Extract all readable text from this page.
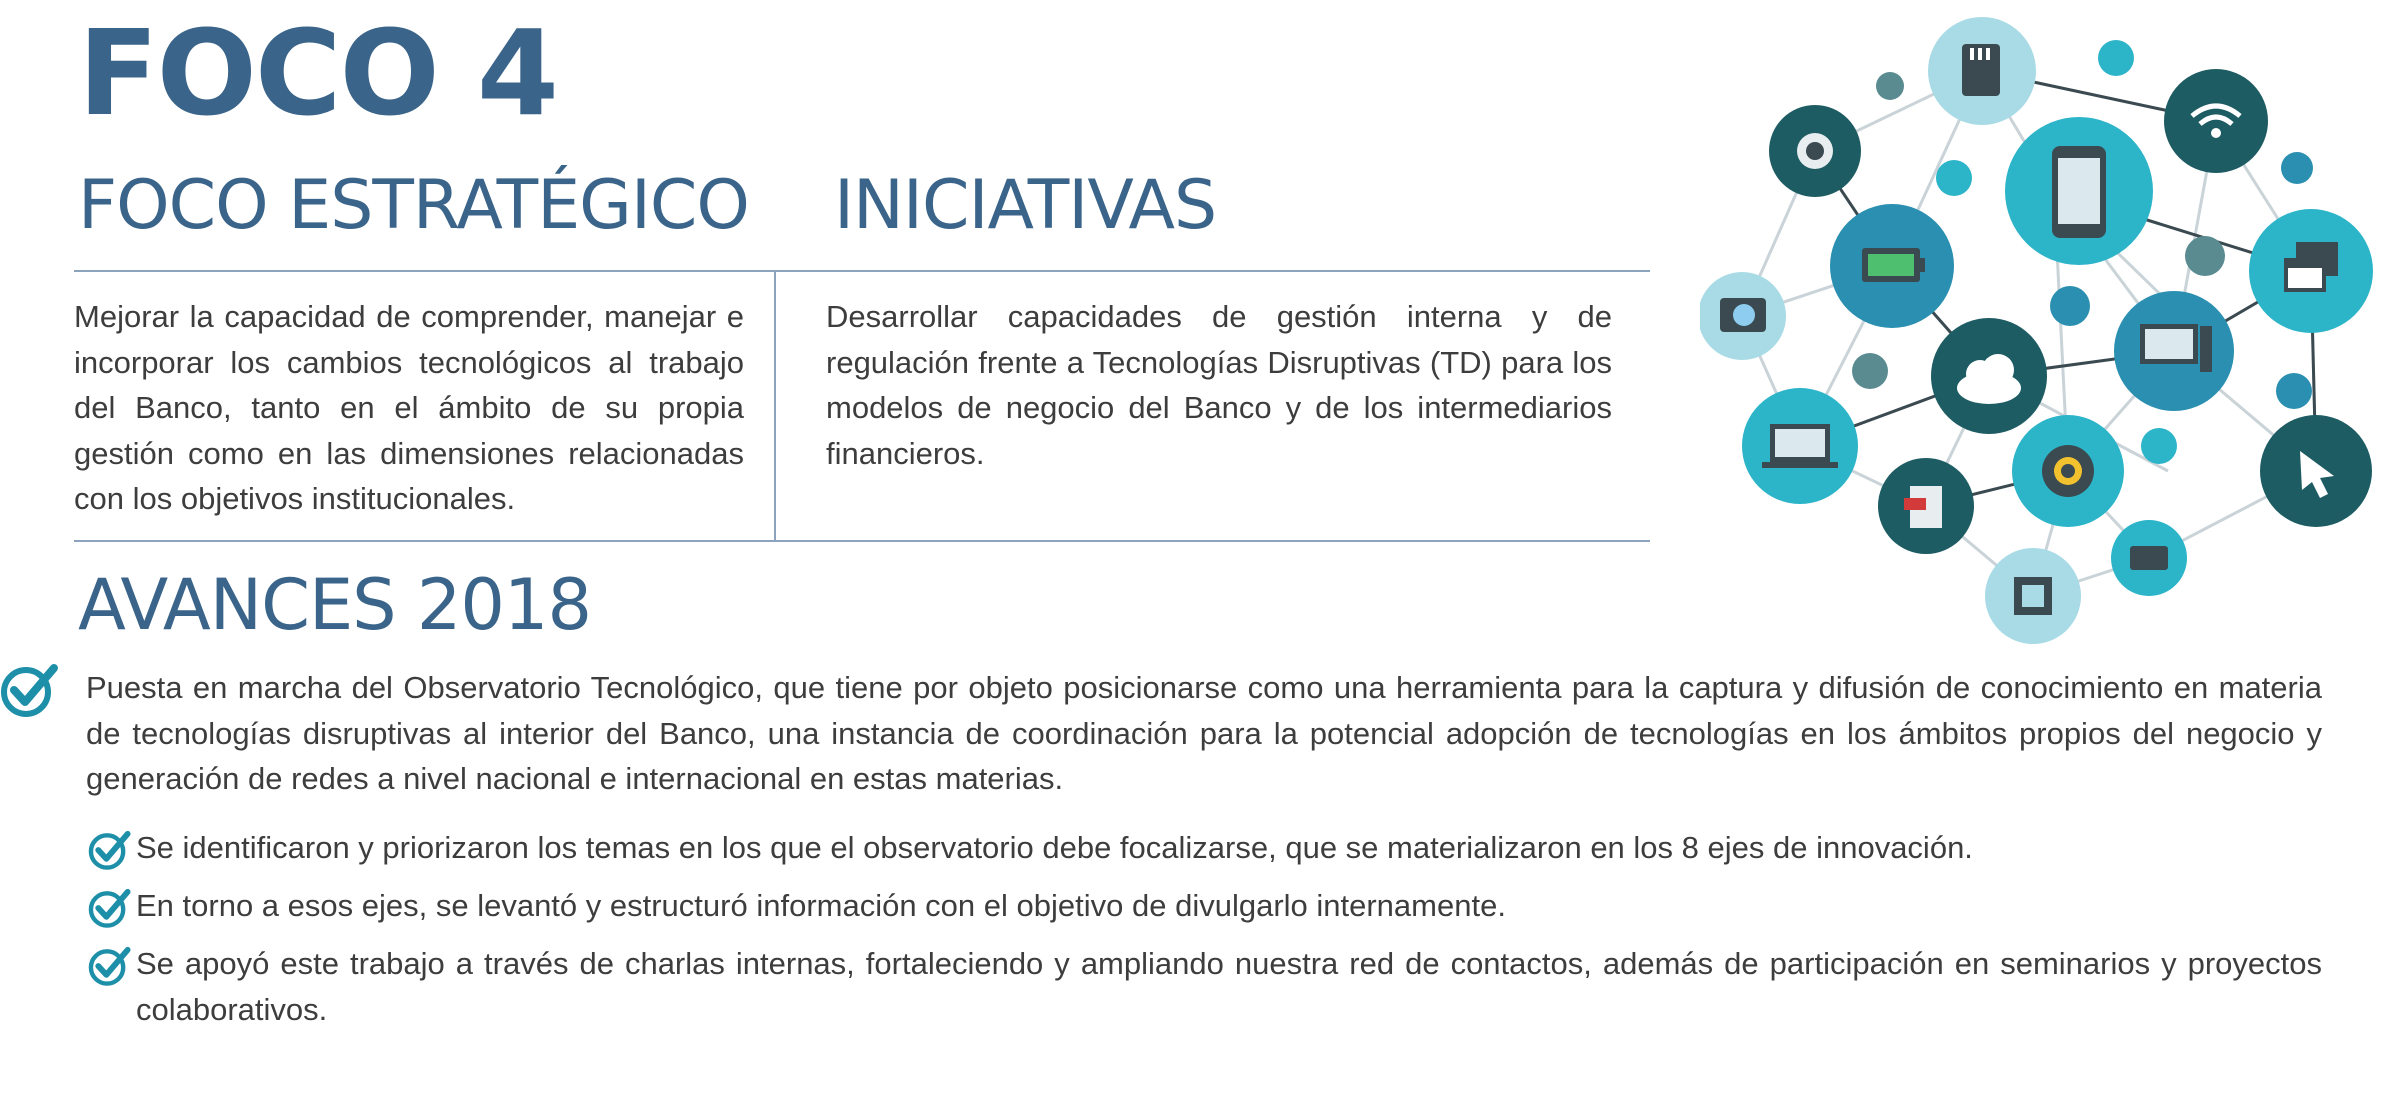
FOCO 4
FOCO ESTRATÉGICO INICIATIVAS

Mejorar la capacidad de comprender, manejar e incorporar los cambios tecnológicos al trabajo del Banco, tanto en el ámbito de su propia gestión como en las dimensiones relacionadas con los objetivos institucionales.

Desarrollar capacidades de gestión interna y de regulación frente a Tecnologías Disruptivas (TD) para los modelos de negocio del Banco y de los intermediarios financieros.

AVANCES 2018

Puesta en marcha del Observatorio Tecnológico, que tiene por objeto posicionarse como una herramienta para la captura y difusión de conocimiento en materia de tecnologías disruptivas al interior del Banco, una instancia de coordinación para la potencial adopción de tecnologías en los ámbitos propios del negocio y generación de redes a nivel nacional e internacional en estas materias.

Se identificaron y priorizaron los temas en los que el observatorio debe focalizarse, que se materializaron en los 8 ejes de innovación.

En torno a esos ejes, se levantó y estructuró información con el objetivo de divulgarlo internamente.

Se apoyó este trabajo a través de charlas internas, fortaleciendo y ampliando nuestra red de contactos, además de participación en seminarios y proyectos colaborativos.
